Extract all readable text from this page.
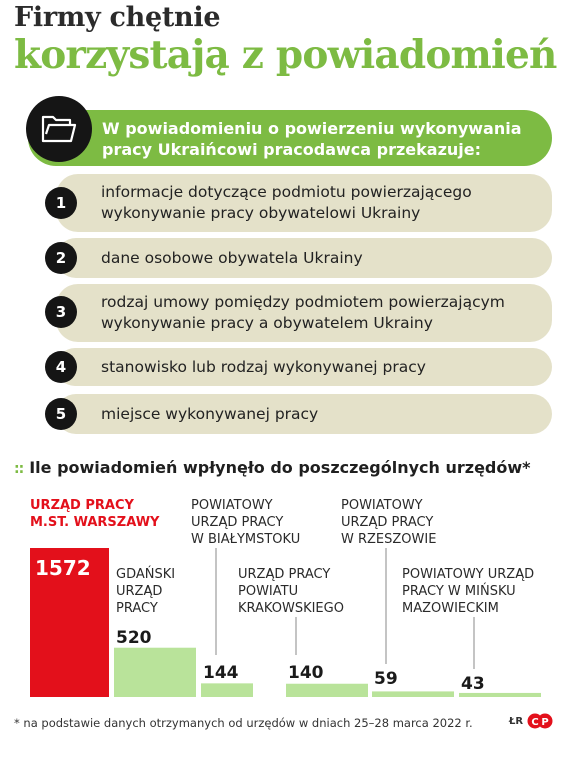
Firmy chętnie
korzystają z powiadomień
W powiadomieniu o powierzeniu wykonywania pracy Ukraińcowi pracodawca przekazuje:
1
informacje dotyczące podmiotu powierzającego wykonywanie pracy obywatelowi Ukrainy
2	dane osobowe obywatela Ukrainy
3
rodzaj umowy pomiędzy podmiotem powierzającym wykonywanie pracy a obywatelem Ukrainy
4	stanowisko lub rodzaj wykonywanej pracy
5	miejsce wykonywanej pracy
:: Ile powiadomień wpłynęło do poszczególnych urzędów*
1572
520
144	140	59	43
URZĄD PRACY
M.ST. WARSZAWY
GDAŃSKI
URZĄD
PRACY
POWIATOWY
URZĄD PRACY
W BIAŁYMSTOKU
URZĄD PRACY
POWIATU
KRAKOWSKIEGO
POWIATOWY
URZĄD PRACY
W RZESZOWIE
POWIATOWY URZĄD
PRACY W MIŃSKU
MAZOWIECKIM
* na podstawie danych otrzymanych od urzędów w dniach 25–28 marca 2022 r.	ŁR C P
